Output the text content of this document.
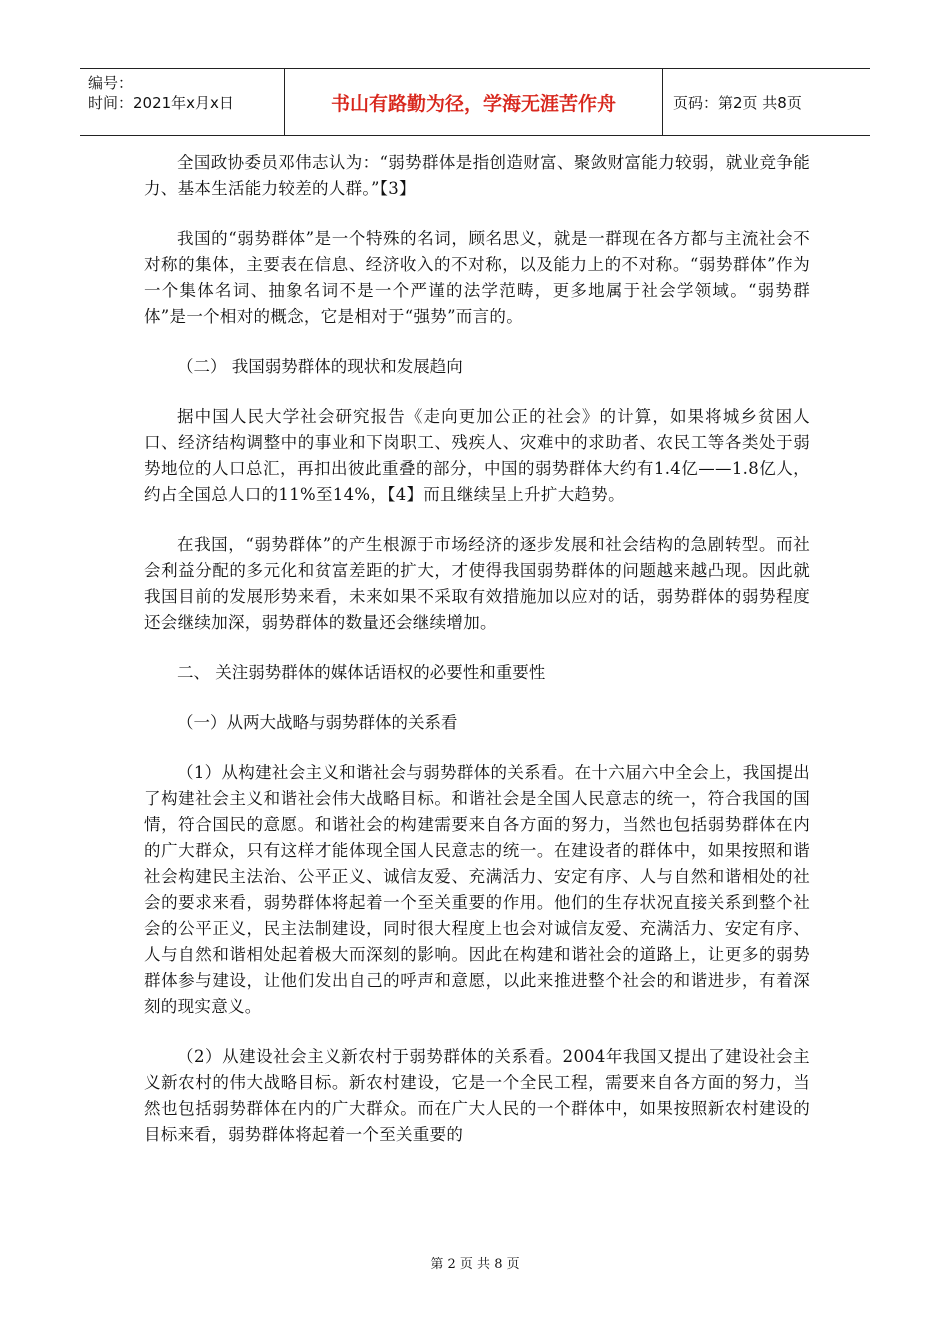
编号：
时间：2021年x月x日	书山有路勤为径，学海无涯苦作舟	页码：第2页 共8页

全国政协委员邓伟志认为：“弱势群体是指创造财富、聚敛财富能力较弱，就业竞争能力、基本生活能力较差的人群。”【3】

我国的“弱势群体”是一个特殊的名词，顾名思义，就是一群现在各方都与主流社会不对称的集体，主要表在信息、经济收入的不对称，以及能力上的不对称。“弱势群体”作为一个集体名词、抽象名词不是一个严谨的法学范畴，更多地属于社会学领域。“弱势群体”是一个相对的概念，它是相对于“强势”而言的。

（二） 我国弱势群体的现状和发展趋向

据中国人民大学社会研究报告《走向更加公正的社会》的计算，如果将城乡贫困人口、经济结构调整中的事业和下岗职工、残疾人、灾难中的求助者、农民工等各类处于弱势地位的人口总汇，再扣出彼此重叠的部分，中国的弱势群体大约有1.4亿——1.8亿人，约占全国总人口的11%至14%，【4】而且继续呈上升扩大趋势。

在我国，“弱势群体”的产生根源于市场经济的逐步发展和社会结构的急剧转型。而社会利益分配的多元化和贫富差距的扩大，才使得我国弱势群体的问题越来越凸现。因此就我国目前的发展形势来看，未来如果不采取有效措施加以应对的话，弱势群体的弱势程度还会继续加深，弱势群体的数量还会继续增加。

二、 关注弱势群体的媒体话语权的必要性和重要性

（一）从两大战略与弱势群体的关系看

（1）从构建社会主义和谐社会与弱势群体的关系看。在十六届六中全会上，我国提出了构建社会主义和谐社会伟大战略目标。和谐社会是全国人民意志的统一，符合我国的国情，符合国民的意愿。和谐社会的构建需要来自各方面的努力，当然也包括弱势群体在内的广大群众，只有这样才能体现全国人民意志的统一。在建设者的群体中，如果按照和谐社会构建民主法治、公平正义、诚信友爱、充满活力、安定有序、人与自然和谐相处的社会的要求来看，弱势群体将起着一个至关重要的作用。他们的生存状况直接关系到整个社会的公平正义，民主法制建设，同时很大程度上也会对诚信友爱、充满活力、安定有序、人与自然和谐相处起着极大而深刻的影响。因此在构建和谐社会的道路上，让更多的弱势群体参与建设，让他们发出自己的呼声和意愿，以此来推进整个社会的和谐进步，有着深刻的现实意义。

（2）从建设社会主义新农村于弱势群体的关系看。2004年我国又提出了建设社会主义新农村的伟大战略目标。新农村建设，它是一个全民工程，需要来自各方面的努力，当然也包括弱势群体在内的广大群众。而在广大人民的一个群体中，如果按照新农村建设的目标来看，弱势群体将起着一个至关重要的

第 2 页 共 8 页
